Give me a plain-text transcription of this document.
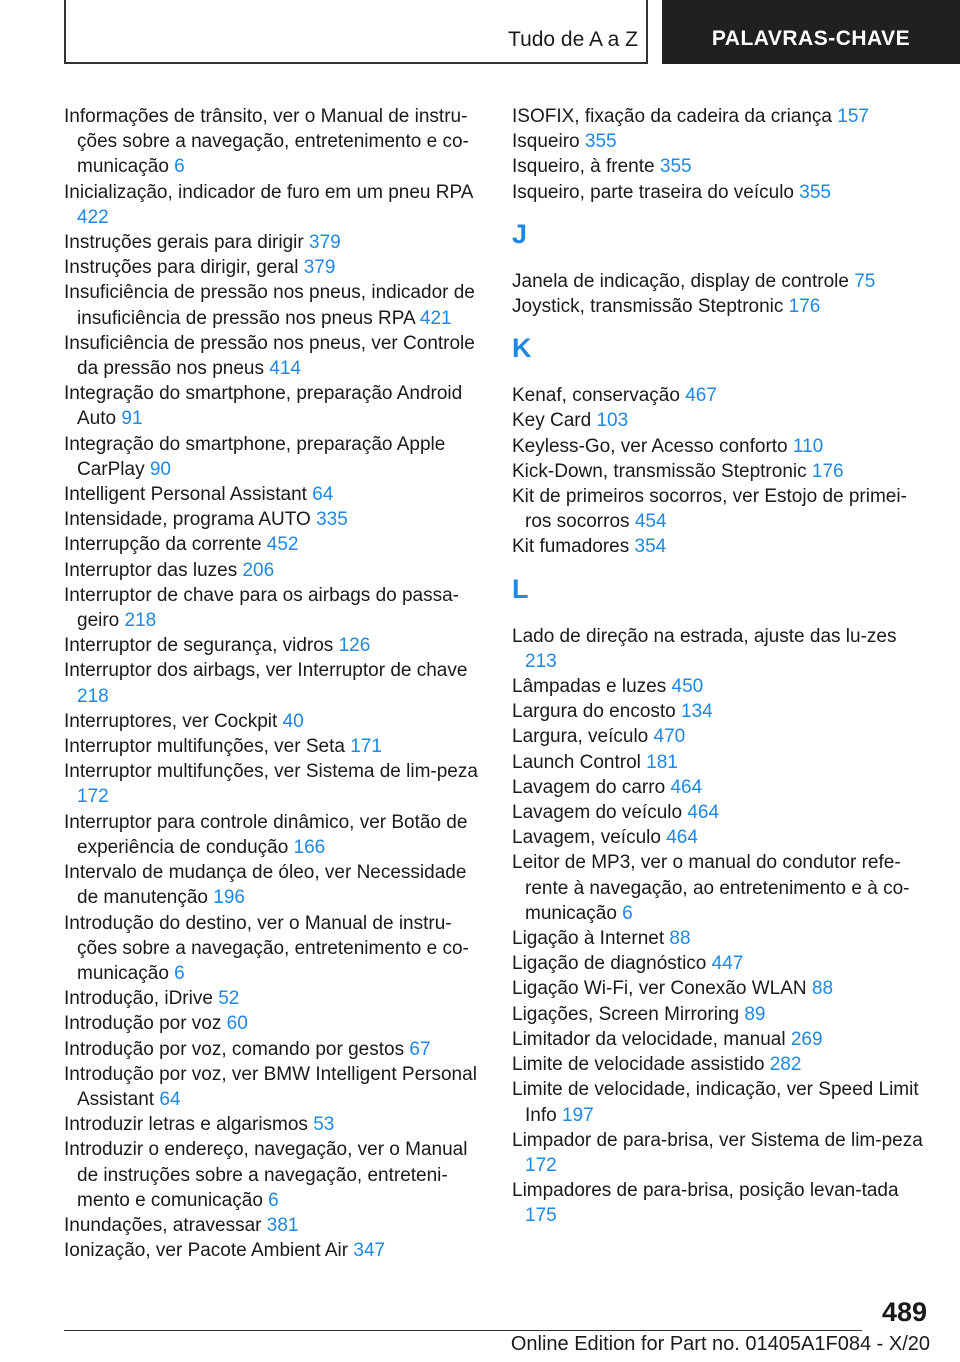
Tudo de A a Z	PALAVRAS-CHAVE

Informações de trânsito, ver o Manual de instru-ções sobre a navegação, entretenimento e co-municação 6

Inicialização, indicador de furo em um pneu RPA 422

Instruções gerais para dirigir 379

Instruções para dirigir, geral 379

Insuficiência de pressão nos pneus, indicador de insuficiência de pressão nos pneus RPA 421

Insuficiência de pressão nos pneus, ver Controle da pressão nos pneus 414

Integração do smartphone, preparação Android Auto 91

Integração do smartphone, preparação Apple CarPlay 90

Intelligent Personal Assistant 64

Intensidade, programa AUTO 335

Interrupção da corrente 452

Interruptor das luzes 206

Interruptor de chave para os airbags do passa-geiro 218

Interruptor de segurança, vidros 126

Interruptor dos airbags, ver Interruptor de chave 218

Interruptores, ver Cockpit 40

Interruptor multifunções, ver Seta 171

Interruptor multifunções, ver Sistema de lim-peza 172

Interruptor para controle dinâmico, ver Botão de experiência de condução 166

Intervalo de mudança de óleo, ver Necessidade de manutenção 196

Introdução do destino, ver o Manual de instru-ções sobre a navegação, entretenimento e co-municação 6

Introdução, iDrive 52

Introdução por voz 60

Introdução por voz, comando por gestos 67

Introdução por voz, ver BMW Intelligent Personal Assistant 64

Introduzir letras e algarismos 53

Introduzir o endereço, navegação, ver o Manual de instruções sobre a navegação, entreteni-mento e comunicação 6

Inundações, atravessar 381

Ionização, ver Pacote Ambient Air 347

ISOFIX, fixação da cadeira da criança 157

Isqueiro 355

Isqueiro, à frente 355

Isqueiro, parte traseira do veículo 355

J

Janela de indicação, display de controle 75

Joystick, transmissão Steptronic 176

K

Kenaf, conservação 467

Key Card 103

Keyless-Go, ver Acesso conforto 110

Kick-Down, transmissão Steptronic 176

Kit de primeiros socorros, ver Estojo de primei-ros socorros 454

Kit fumadores 354

L

Lado de direção na estrada, ajuste das lu-zes 213

Lâmpadas e luzes 450

Largura do encosto 134

Largura, veículo 470

Launch Control 181

Lavagem do carro 464

Lavagem do veículo 464

Lavagem, veículo 464

Leitor de MP3, ver o manual do condutor refe-rente à navegação, ao entretenimento e à co-municação 6

Ligação à Internet 88

Ligação de diagnóstico 447

Ligação Wi-Fi, ver Conexão WLAN 88

Ligações, Screen Mirroring 89

Limitador da velocidade, manual 269

Limite de velocidade assistido 282

Limite de velocidade, indicação, ver Speed Limit Info 197

Limpador de para-brisa, ver Sistema de lim-peza 172

Limpadores de para-brisa, posição levan-tada 175

489
Online Edition for Part no. 01405A1F084 - X/20
